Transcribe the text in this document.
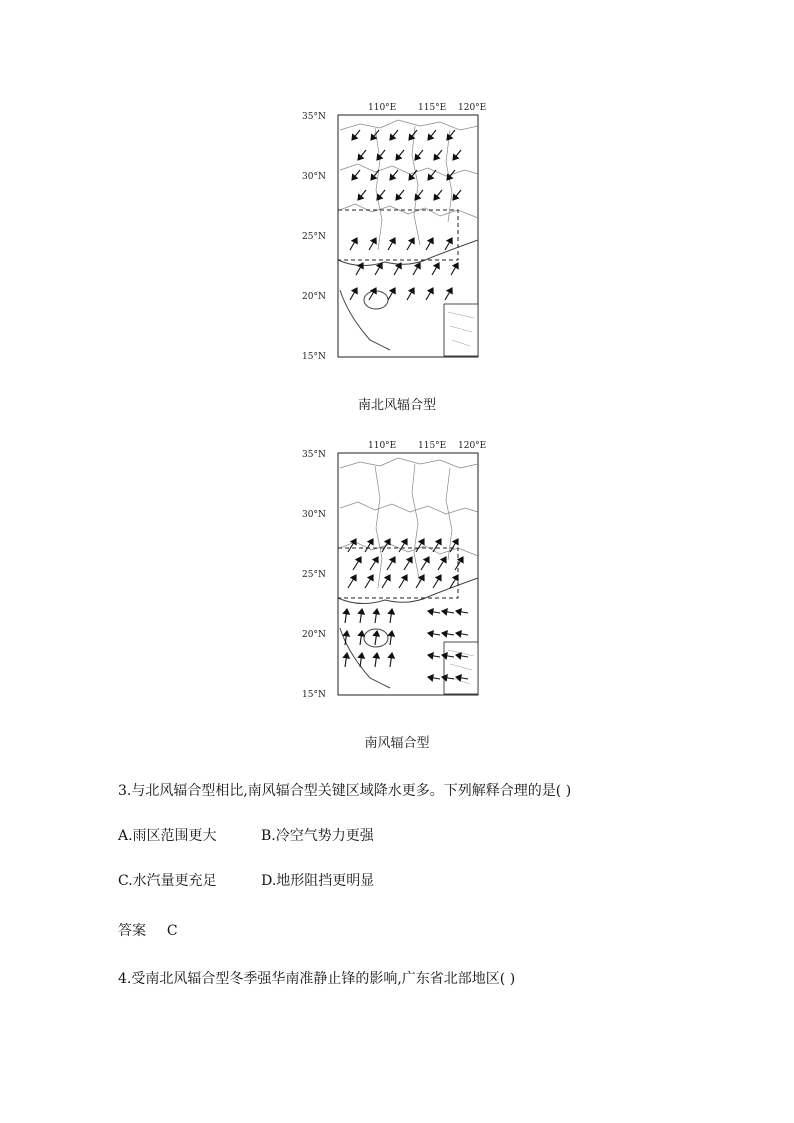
110°E 115°E 120°E
35°N
30°N
25°N
20°N
15°N
南北风辐合型
110°E 115°E 120°E
35°N
30°N
25°N
20°N
15°N
南风辐合型
3.与北风辐合型相比,南风辐合型关键区域降水更多。下列解释合理的是( )
A.雨区范围更大	B.冷空气势力更强
C.水汽量更充足	D.地形阻挡更明显
答案 C
4.受南北风辐合型冬季强华南准静止锋的影响,广东省北部地区( )
